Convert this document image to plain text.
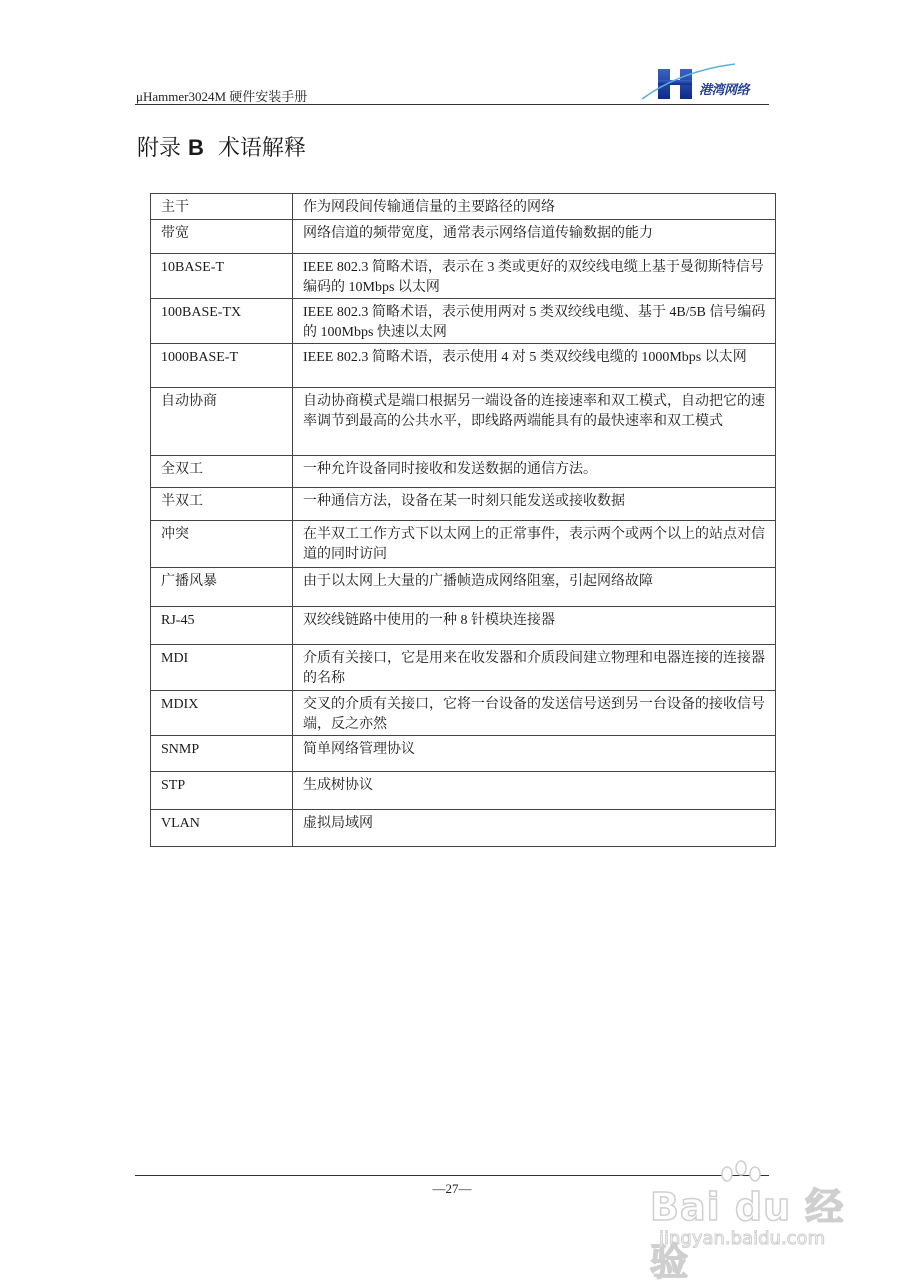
μHammer3024M 硬件安装手册	港湾网络
附录 B  术语解释
主干	作为网段间传输通信量的主要路径的网络
带宽	网络信道的频带宽度，通常表示网络信道传输数据的能力
10BASE-T	IEEE 802.3 简略术语，表示在 3 类或更好的双绞线电缆上基于曼彻斯特信号编码的 10Mbps 以太网
100BASE-TX	IEEE 802.3 简略术语，表示使用两对 5 类双绞线电缆、基于 4B/5B 信号编码的 100Mbps 快速以太网
1000BASE-T	IEEE 802.3 简略术语，表示使用 4 对 5 类双绞线电缆的 1000Mbps 以太网
自动协商	自动协商模式是端口根据另一端设备的连接速率和双工模式，自动把它的速率调节到最高的公共水平，即线路两端能具有的最快速率和双工模式
全双工	一种允许设备同时接收和发送数据的通信方法。
半双工	一种通信方法，设备在某一时刻只能发送或接收数据
冲突	在半双工工作方式下以太网上的正常事件，表示两个或两个以上的站点对信道的同时访问
广播风暴	由于以太网上大量的广播帧造成网络阻塞，引起网络故障
RJ-45	双绞线链路中使用的一种 8 针模块连接器
MDI	介质有关接口，它是用来在收发器和介质段间建立物理和电器连接的连接器的名称
MDIX	交叉的介质有关接口，它将一台设备的发送信号送到另一台设备的接收信号端，反之亦然
SNMP	简单网络管理协议
STP	生成树协议
VLAN	虚拟局域网
—27—	Bai du 经验
jingyan.baidu.com
